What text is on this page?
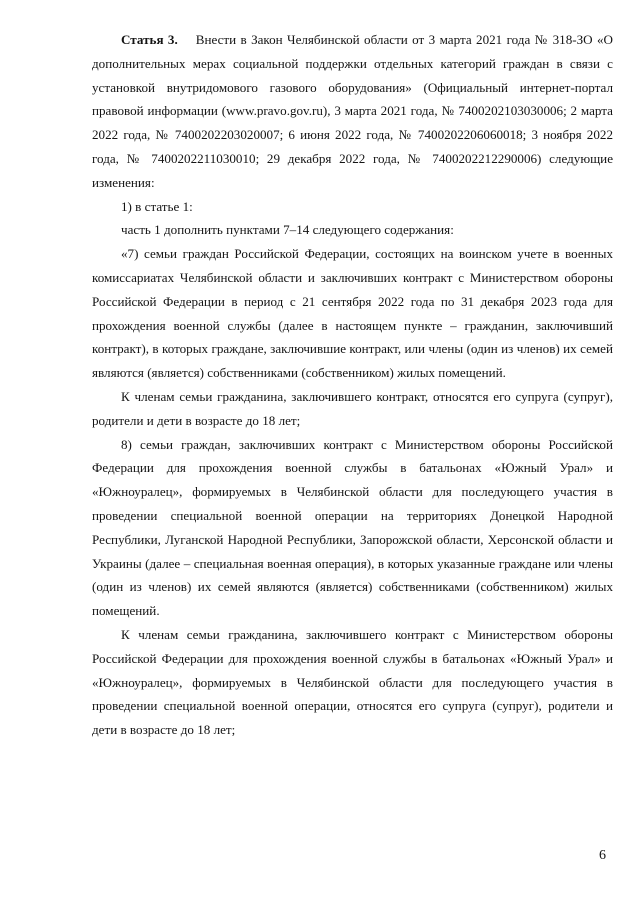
Статья 3. Внести в Закон Челябинской области от 3 марта 2021 года № 318-ЗО «О дополнительных мерах социальной поддержки отдельных категорий граждан в связи с установкой внутридомового газового оборудования» (Официальный интернет-портал правовой информации (www.pravo.gov.ru), 3 марта 2021 года, № 7400202103030006; 2 марта 2022 года, № 7400202203020007; 6 июня 2022 года, № 7400202206060018; 3 ноября 2022 года, № 7400202211030010; 29 декабря 2022 года, № 7400202212290006) следующие изменения:

1) в статье 1:

часть 1 дополнить пунктами 7–14 следующего содержания:

«7) семьи граждан Российской Федерации, состоящих на воинском учете в военных комиссариатах Челябинской области и заключивших контракт с Министерством обороны Российской Федерации в период с 21 сентября 2022 года по 31 декабря 2023 года для прохождения военной службы (далее в настоящем пункте – гражданин, заключивший контракт), в которых граждане, заключившие контракт, или члены (один из членов) их семей являются (является) собственниками (собственником) жилых помещений.

К членам семьи гражданина, заключившего контракт, относятся его супруга (супруг), родители и дети в возрасте до 18 лет;

8) семьи граждан, заключивших контракт с Министерством обороны Российской Федерации для прохождения военной службы в батальонах «Южный Урал» и «Южноуралец», формируемых в Челябинской области для последующего участия в проведении специальной военной операции на территориях Донецкой Народной Республики, Луганской Народной Республики, Запорожской области, Херсонской области и Украины (далее – специальная военная операция), в которых указанные граждане или члены (один из членов) их семей являются (является) собственниками (собственником) жилых помещений.

К членам семьи гражданина, заключившего контракт с Министерством обороны Российской Федерации для прохождения военной службы в батальонах «Южный Урал» и «Южноуралец», формируемых в Челябинской области для последующего участия в проведении специальной военной операции, относятся его супруга (супруг), родители и дети в возрасте до 18 лет;

6
